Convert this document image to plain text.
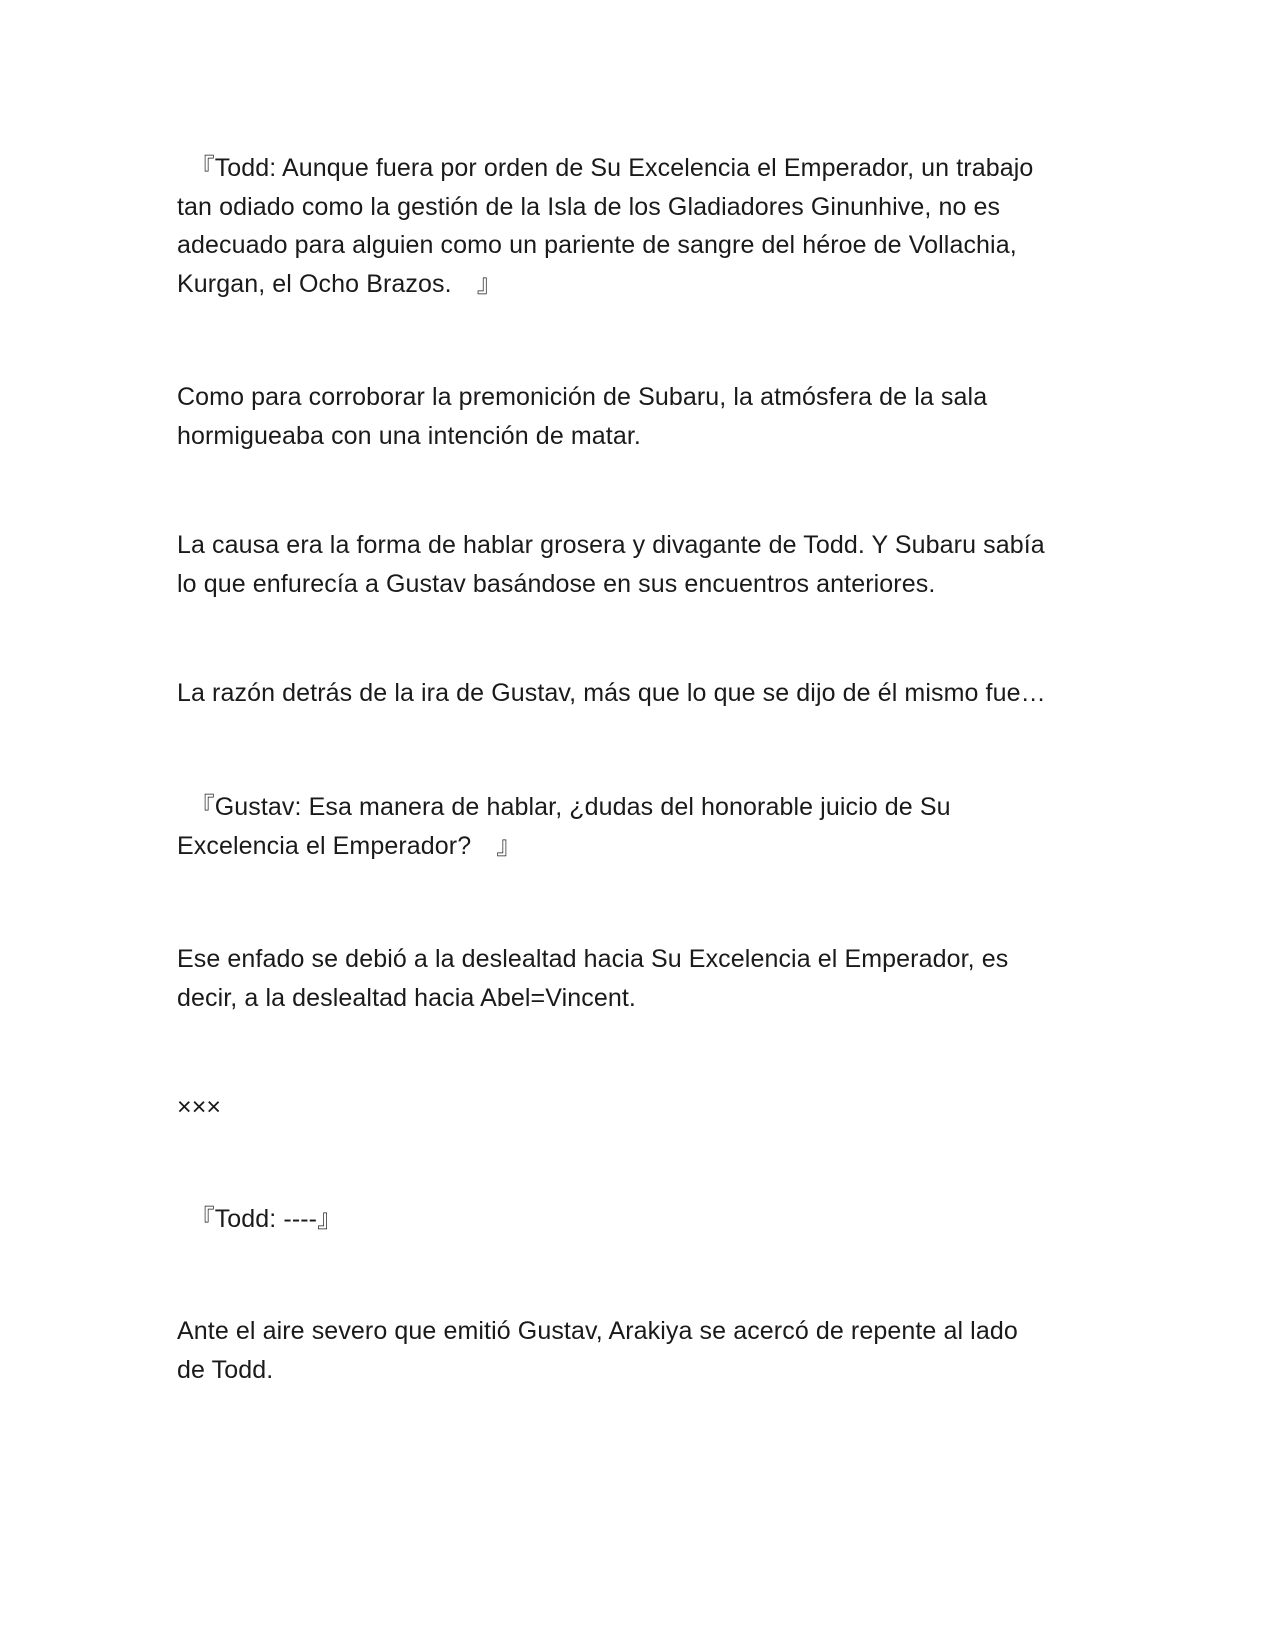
　『Todd: Aunque fuera por orden de Su Excelencia el Emperador, un trabajo
tan odiado como la gestión de la Isla de los Gladiadores Ginunhive, no es
adecuado para alguien como un pariente de sangre del héroe de Vollachia,
Kurgan, el Ocho Brazos.　』

Como para corroborar la premonición de Subaru, la atmósfera de la sala
hormigueaba con una intención de matar.

La causa era la forma de hablar grosera y divagante de Todd. Y Subaru sabía
lo que enfurecía a Gustav basándose en sus encuentros anteriores.

La razón detrás de la ira de Gustav, más que lo que se dijo de él mismo fue…

　『Gustav: Esa manera de hablar, ¿dudas del honorable juicio de Su
Excelencia el Emperador?　』

Ese enfado se debió a la deslealtad hacia Su Excelencia el Emperador, es
decir, a la deslealtad hacia Abel=Vincent.

×××

　『Todd: ----』

Ante el aire severo que emitió Gustav, Arakiya se acercó de repente al lado
de Todd.
